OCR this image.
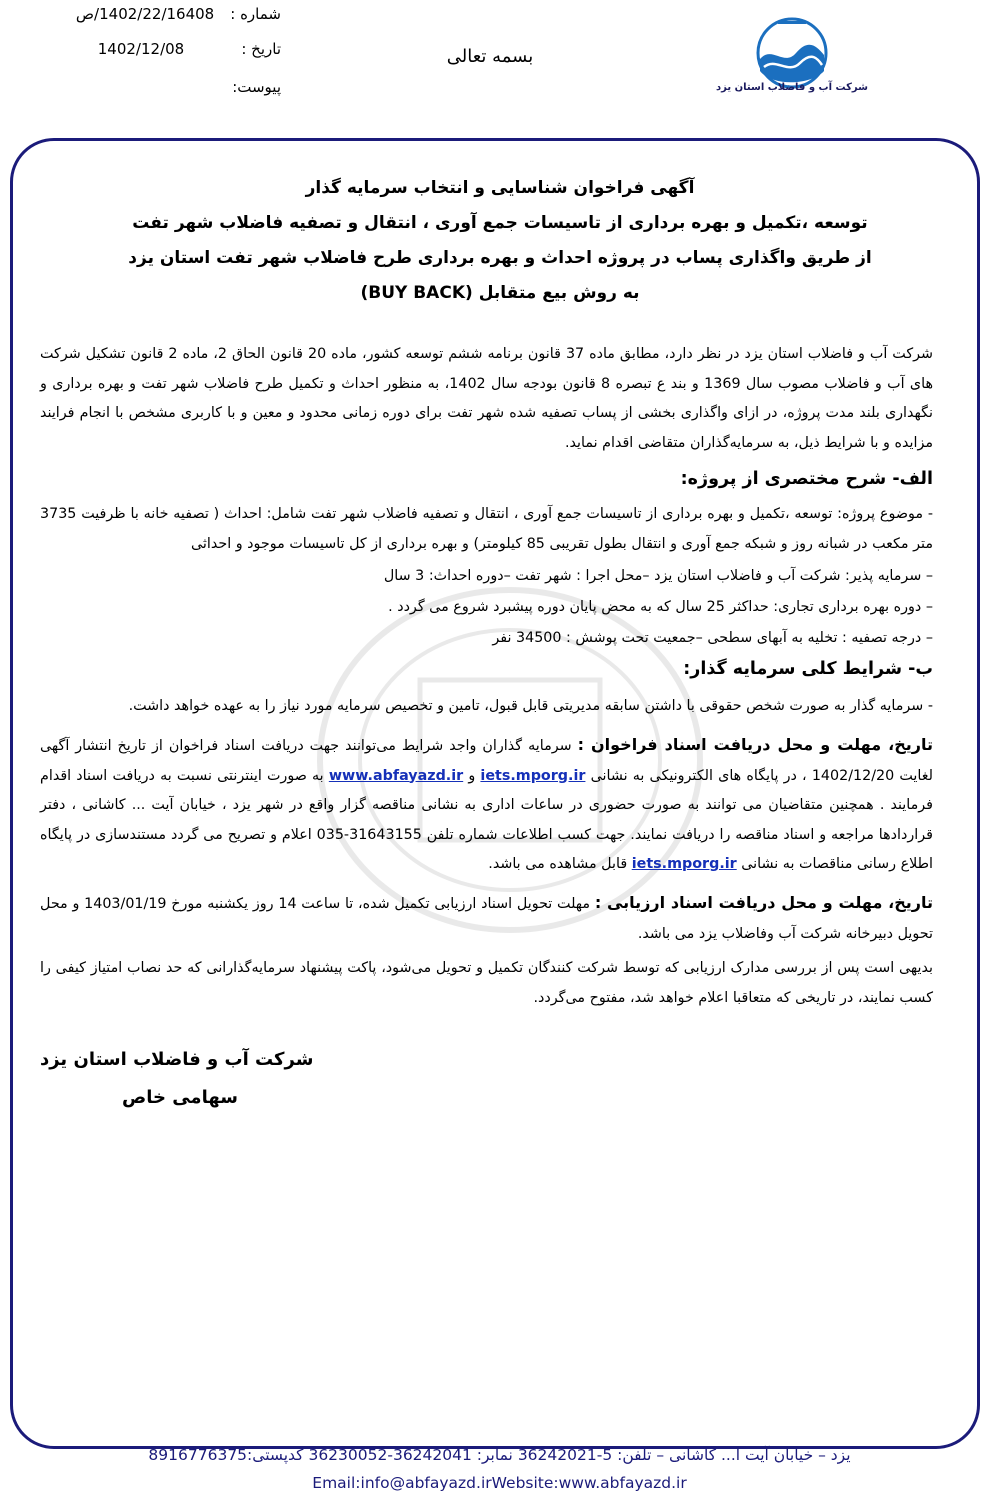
شماره : 1402/22/16408/ص
تاریخ : 1402/12/08
پیوست:
بسمه تعالی
شرکت آب و فاضلاب استان یزد
آگهی فراخوان شناسایی و انتخاب سرمایه گذار
توسعه ،تکمیل و بهره برداری از تاسیسات جمع آوری ، انتقال و تصفیه فاضلاب شهر تفت
از طریق واگذاری پساب در پروژه احداث و بهره برداری طرح فاضلاب شهر تفت استان یزد
به روش بیع متقابل (BUY BACK)
شرکت آب و فاضلاب استان یزد در نظر دارد، مطابق ماده 37 قانون برنامه ششم توسعه کشور، ماده 20 قانون الحاق 2، ماده 2 قانون تشکیل شرکت های آب و فاضلاب مصوب سال 1369 و بند ع تبصره 8 قانون بودجه سال 1402، به منظور احداث و تکمیل طرح فاضلاب شهر تفت و بهره برداری و نگهداری بلند مدت پروژه، در ازای واگذاری بخشی از پساب تصفیه شده شهر تفت برای دوره زمانی محدود و معین و با کاربری مشخص با انجام فرایند مزایده و با شرایط ذیل، به سرمایه‌گذاران متقاضی اقدام نماید.
الف- شرح مختصری از پروژه:
- موضوع پروژه: توسعه ،تکمیل و بهره برداری از تاسیسات جمع آوری ، انتقال و تصفیه فاضلاب شهر تفت شامل: احداث ( تصفیه خانه با ظرفیت 3735 متر مکعب در شبانه روز و شبکه جمع آوری و انتقال بطول تقریبی 85 کیلومتر) و بهره برداری از کل تاسیسات موجود و احداثی
– سرمایه پذیر: شرکت آب و فاضلاب استان یزد –محل اجرا : شهر تفت –دوره احداث: 3 سال
– دوره بهره برداری تجاری: حداکثر 25 سال که به محض پایان دوره پیشبرد شروع می گردد .
– درجه تصفیه : تخلیه به آبهای سطحی –جمعیت تحت پوشش : 34500 نفر
ب- شرایط کلی سرمایه گذار:
- سرمایه گذار به صورت شخص حقوقی با داشتن سابقه مدیریتی قابل قبول، تامین و تخصیص سرمایه مورد نیاز را به عهده خواهد داشت.
تاریخ، مهلت و محل دریافت اسناد فراخوان : سرمایه گذاران واجد شرایط می‌توانند جهت دریافت اسناد فراخوان از تاریخ انتشار آگهی لغایت 1402/12/20 ، در پایگاه های الکترونیکی به نشانی iets.mporg.ir و www.abfayazd.ir به صورت اینترنتی نسبت به دریافت اسناد اقدام فرمایند . همچنین متقاضیان می توانند به صورت حضوری در ساعات اداری به نشانی مناقصه گزار واقع در شهر یزد ، خیابان آیت ... کاشانی ، دفتر قراردادها مراجعه و اسناد مناقصه را دریافت نمایند. جهت کسب اطلاعات شماره تلفن 31643155-035 اعلام و تصریح می گردد مستندسازی در پایگاه اطلاع رسانی مناقصات به نشانی iets.mporg.ir قابل مشاهده می باشد.
تاریخ، مهلت و محل دریافت اسناد ارزیابی : مهلت تحویل اسناد ارزیابی تکمیل شده، تا ساعت 14 روز یکشنبه مورخ 1403/01/19 و محل تحویل دبیرخانه شرکت آب وفاضلاب یزد می باشد.
بدیهی است پس از بررسی مدارک ارزیابی که توسط شرکت کنندگان تکمیل و تحویل می‌شود، پاکت پیشنهاد سرمایه‌گذارانی که حد نصاب امتیاز کیفی را کسب نمایند، در تاریخی که متعاقبا اعلام خواهد شد، مفتوح می‌گردد.
شرکت آب و فاضلاب استان یزد
سهامی خاص
یزد – خیابان آیت ا... کاشانی – تلفن: 5-36242021 نمابر: 36242041-36230052 کدپستی:8916776375
Email:info@abfayazd.irWebsite:www.abfayazd.ir
